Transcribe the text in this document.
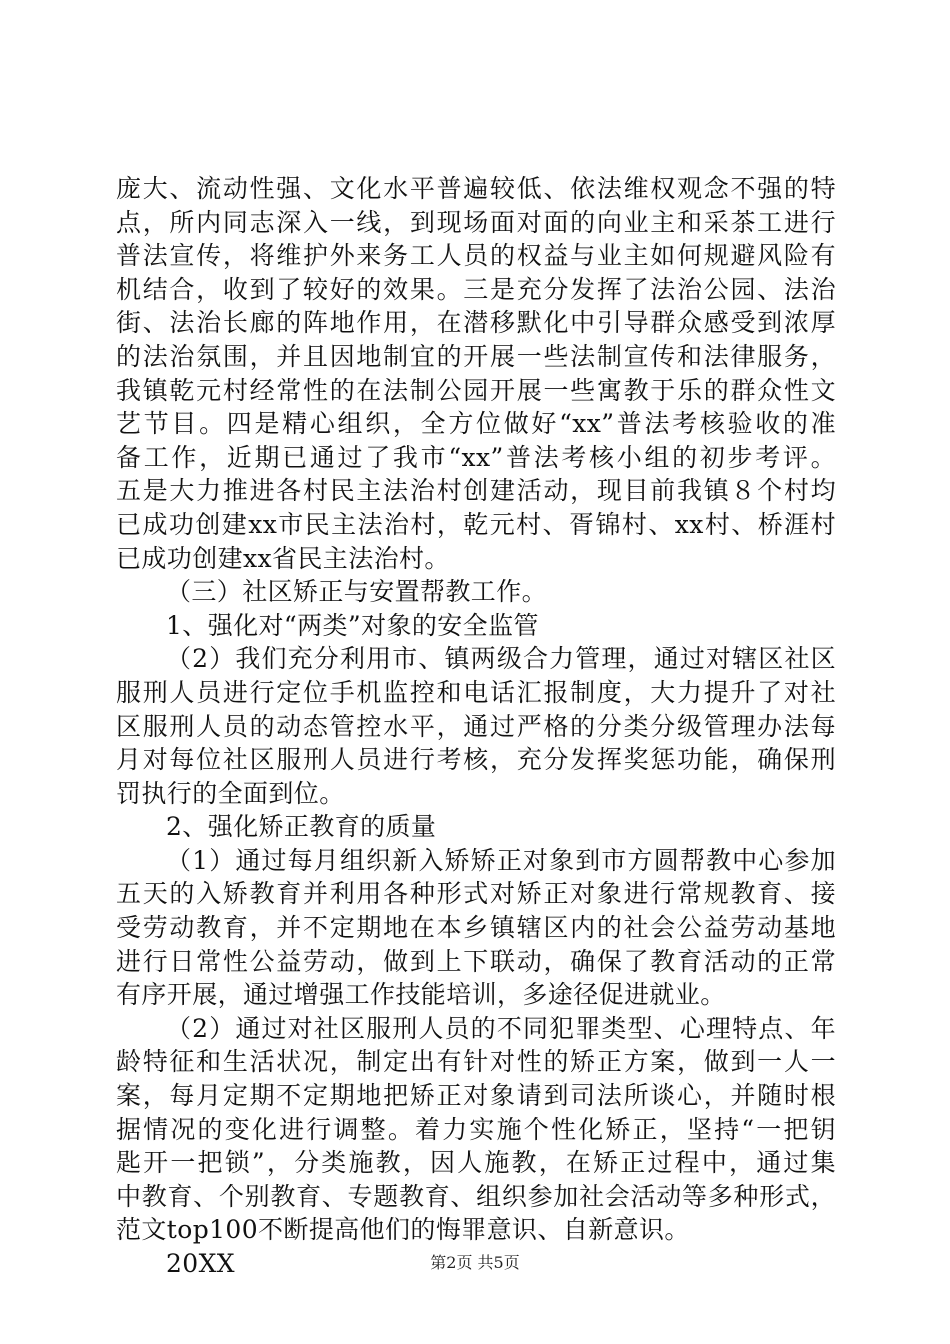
庞大、流动性强、文化水平普遍较低、依法维权观念不强的特
点，所内同志深入一线，到现场面对面的向业主和采茶工进行
普法宣传，将维护外来务工人员的权益与业主如何规避风险有
机结合，收到了较好的效果。三是充分发挥了法治公园、法治
街、法治长廊的阵地作用，在潜移默化中引导群众感受到浓厚
的法治氛围，并且因地制宜的开展一些法制宣传和法律服务，
我镇乾元村经常性的在法制公园开展一些寓教于乐的群众性文
艺节目。四是精心组织，全方位做好“xx”普法考核验收的准
备工作，近期已通过了我市“xx”普法考核小组的初步考评。
五是大力推进各村民主法治村创建活动，现目前我镇８个村均
已成功创建xx市民主法治村，乾元村、胥锦村、xx村、桥涯村
已成功创建xx省民主法治村。
（三）社区矫正与安置帮教工作。
1、强化对“两类”对象的安全监管
（2）我们充分利用市、镇两级合力管理，通过对辖区社区
服刑人员进行定位手机监控和电话汇报制度，大力提升了对社
区服刑人员的动态管控水平，通过严格的分类分级管理办法每
月对每位社区服刑人员进行考核，充分发挥奖惩功能，确保刑
罚执行的全面到位。
2、强化矫正教育的质量
（1）通过每月组织新入矫矫正对象到市方圆帮教中心参加
五天的入矫教育并利用各种形式对矫正对象进行常规教育、接
受劳动教育，并不定期地在本乡镇辖区内的社会公益劳动基地
进行日常性公益劳动，做到上下联动，确保了教育活动的正常
有序开展，通过增强工作技能培训，多途径促进就业。
（2）通过对社区服刑人员的不同犯罪类型、心理特点、年
龄特征和生活状况，制定出有针对性的矫正方案，做到一人一
案，每月定期不定期地把矫正对象请到司法所谈心，并随时根
据情况的变化进行调整。着力实施个性化矫正，坚持“一把钥
匙开一把锁”，分类施教，因人施教，在矫正过程中，通过集
中教育、个别教育、专题教育、组织参加社会活动等多种形式，
范文top100不断提高他们的悔罪意识、自新意识。
20XX	第2页 共5页
